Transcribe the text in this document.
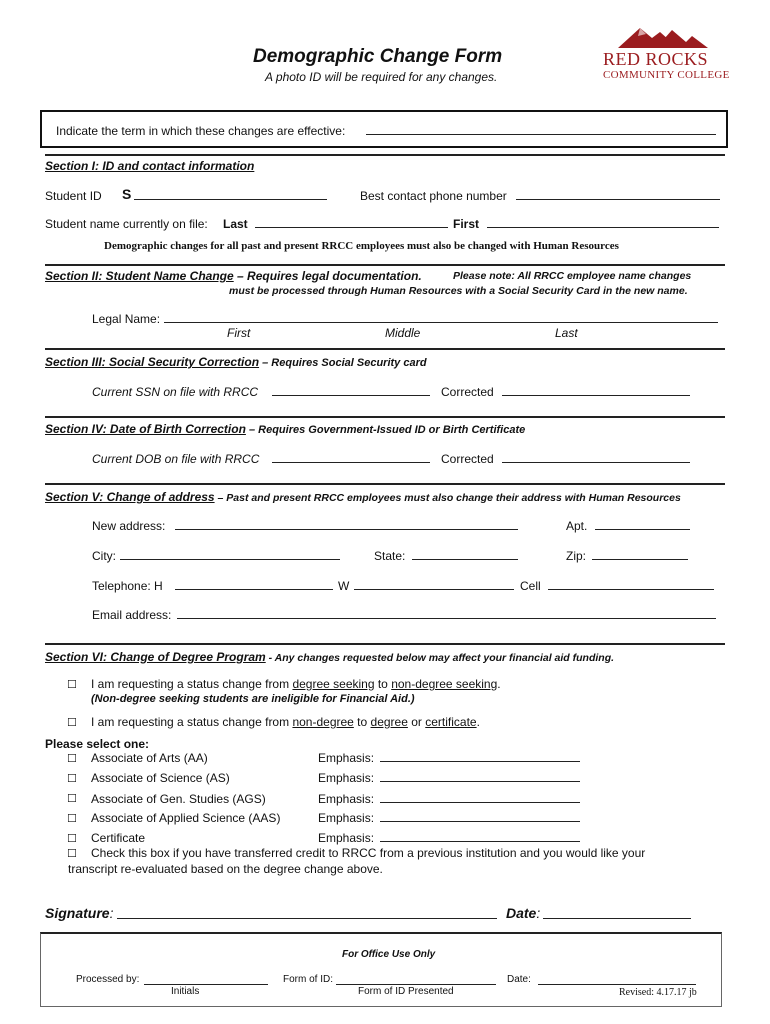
Demographic Change Form
A photo ID will be required for any changes.
RED ROCKS
COMMUNITY COLLEGE
Indicate the term in which these changes are effective:
Section I: ID and contact information
Student ID S	Best contact phone number
Student name currently on file: Last	First
Demographic changes for all past and present RRCC employees must also be changed with Human Resources
Section II: Student Name Change – Requires legal documentation.	Please note: All RRCC employee name changes
must be processed through Human Resources with a Social Security Card in the new name.
Legal Name:
First	Middle	Last
Section III: Social Security Correction – Requires Social Security card
Current SSN on file with RRCC	Corrected
Section IV: Date of Birth Correction – Requires Government-Issued ID or Birth Certificate
Current DOB on file with RRCC	Corrected
Section V: Change of address – Past and present RRCC employees must also change their address with Human Resources
New address:	Apt.
City:	State:	Zip:
Telephone: H	W	Cell
Email address:
Section VI: Change of Degree Program - Any changes requested below may affect your financial aid funding.
☐ I am requesting a status change from degree seeking to non-degree seeking.
(Non-degree seeking students are ineligible for Financial Aid.)
☐ I am requesting a status change from non-degree to degree or certificate.
Please select one:
☐ Associate of Arts (AA)	Emphasis:
☐ Associate of Science (AS)	Emphasis:
☐ Associate of Gen. Studies (AGS)	Emphasis:
☐ Associate of Applied Science (AAS)	Emphasis:
☐ Certificate	Emphasis:
☐ Check this box if you have transferred credit to RRCC from a previous institution and you would like your
transcript re-evaluated based on the degree change above.
Signature:	Date:
For Office Use Only
Processed by:
Initials
Form of ID:
Form of ID Presented
Date:
Revised: 4.17.17 jb
